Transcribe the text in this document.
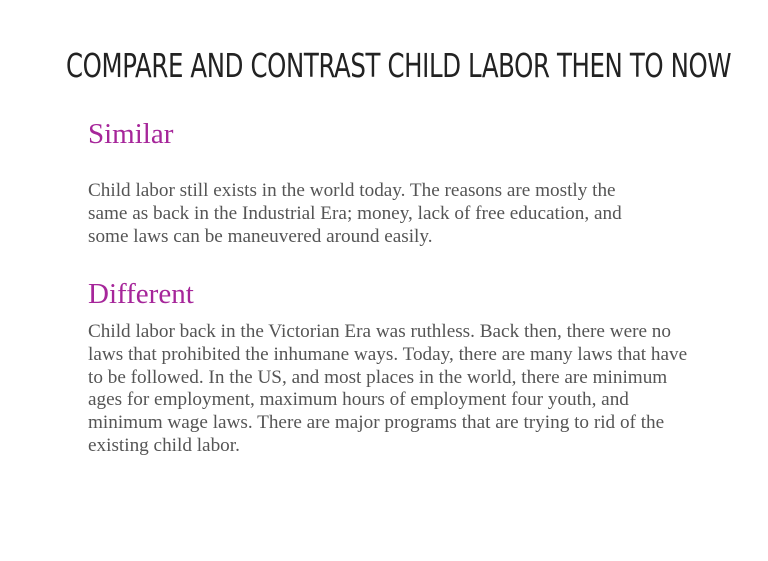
COMPARE AND CONTRAST CHILD LABOR THEN TO NOW
Similar

Child labor still exists in the world today. The reasons are mostly the same as back in the Industrial Era; money, lack of free education, and some laws can be maneuvered around easily.

Different

Child labor back in the Victorian Era was ruthless. Back then, there were no laws that prohibited the inhumane ways. Today, there are many laws that have to be followed. In the US, and most places in the world, there are minimum ages for employment, maximum hours of employment four youth, and minimum wage laws. There are major programs that are trying to rid of the existing child labor.
